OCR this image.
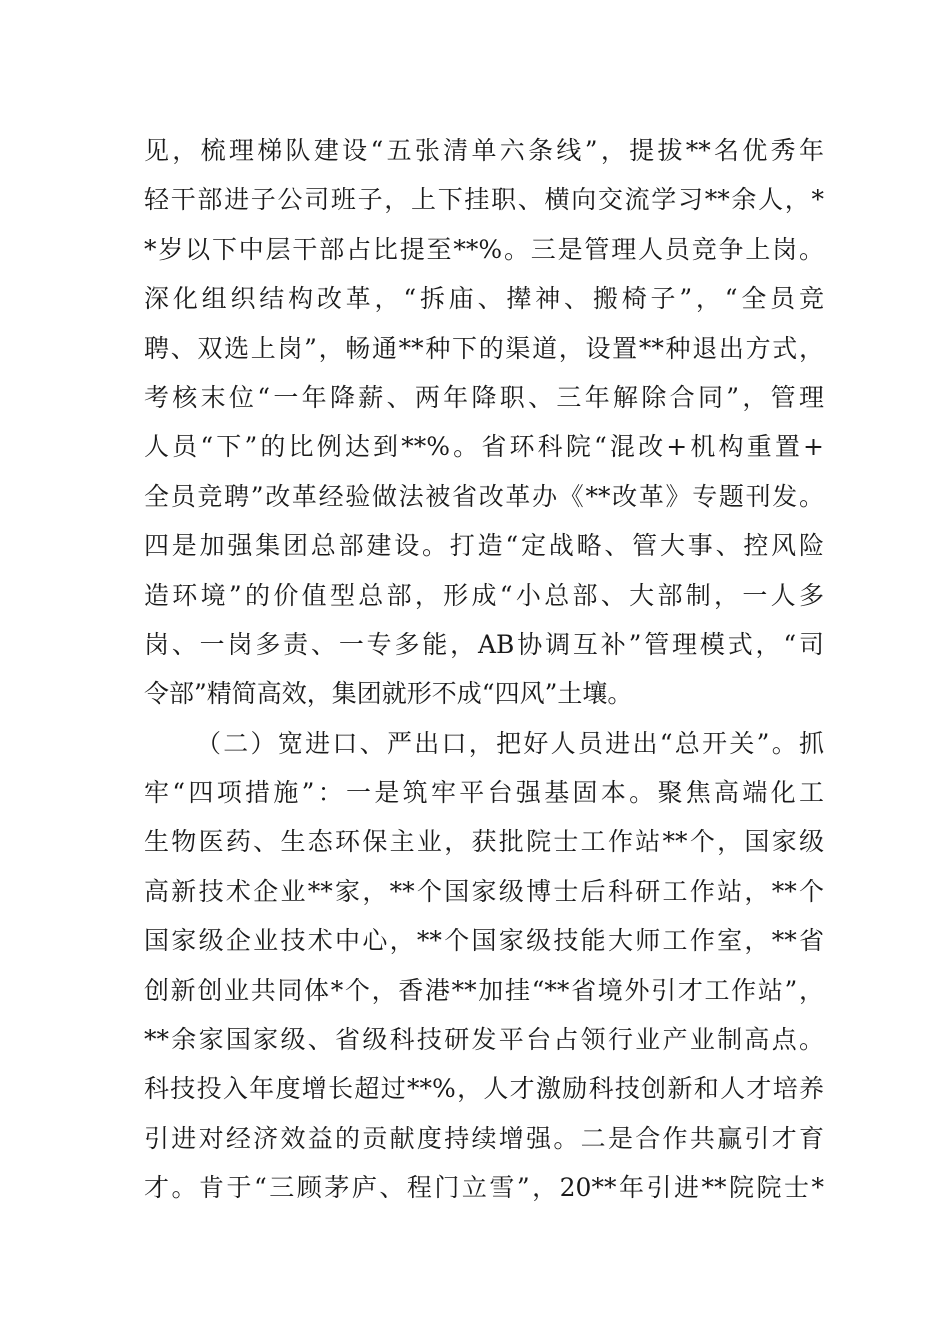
见，梳理梯队建设“五张清单六条线”，提拔**名优秀年
轻干部进子公司班子，上下挂职、横向交流学习**余人，*
*岁以下中层干部占比提至**%。三是管理人员竞争上岗。
深化组织结构改革，“拆庙、撵神、搬椅子”，“全员竞
聘、双选上岗”，畅通**种下的渠道，设置**种退出方式，
考核末位“一年降薪、两年降职、三年解除合同”，管理
人员“下”的比例达到**%。省环科院“混改+机构重置+
全员竞聘”改革经验做法被省改革办《**改革》专题刊发。
四是加强集团总部建设。打造“定战略、管大事、控风险
造环境”的价值型总部，形成“小总部、大部制，一人多
岗、一岗多责、一专多能，AB协调互补”管理模式，“司
令部”精简高效，集团就形不成“四风”土壤。
（二）宽进口、严出口，把好人员进出“总开关”。抓
牢“四项措施”：一是筑牢平台强基固本。聚焦高端化工
生物医药、生态环保主业，获批院士工作站**个，国家级
高新技术企业**家，**个国家级博士后科研工作站，**个
国家级企业技术中心，**个国家级技能大师工作室，**省
创新创业共同体*个，香港**加挂“**省境外引才工作站”，
**余家国家级、省级科技研发平台占领行业产业制高点。
科技投入年度增长超过**%，人才激励科技创新和人才培养
引进对经济效益的贡献度持续增强。二是合作共赢引才育
才。肯于“三顾茅庐、程门立雪”，20**年引进**院院士*
